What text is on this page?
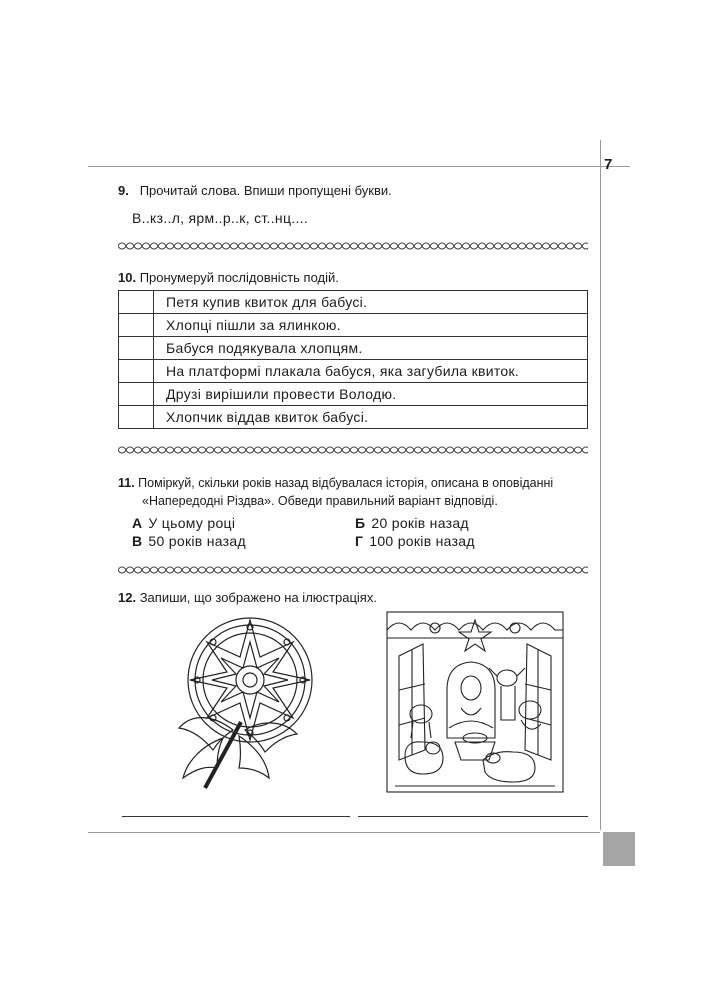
7
9. Прочитай слова. Впиши пропущені букви.
В..кз..л, ярм..р..к, ст..нц....
10. Пронумеруй послідовність подій.
	Петя купив квиток для бабусі.
	Хлопці пішли за ялинкою.
	Бабуся подякувала хлопцям.
	На платформі плакала бабуся, яка загубила квиток.
	Друзі вирішили провести Володю.
	Хлопчик віддав квиток бабусі.
11. Поміркуй, скільки років назад відбувалася історія, описана в оповіданні
«Напередодні Різдва». Обведи правильний варіант відповіді.
А У цьому році	Б 20 років назад
В 50 років назад	Г 100 років назад
12. Запиши, що зображено на ілюстраціях.
